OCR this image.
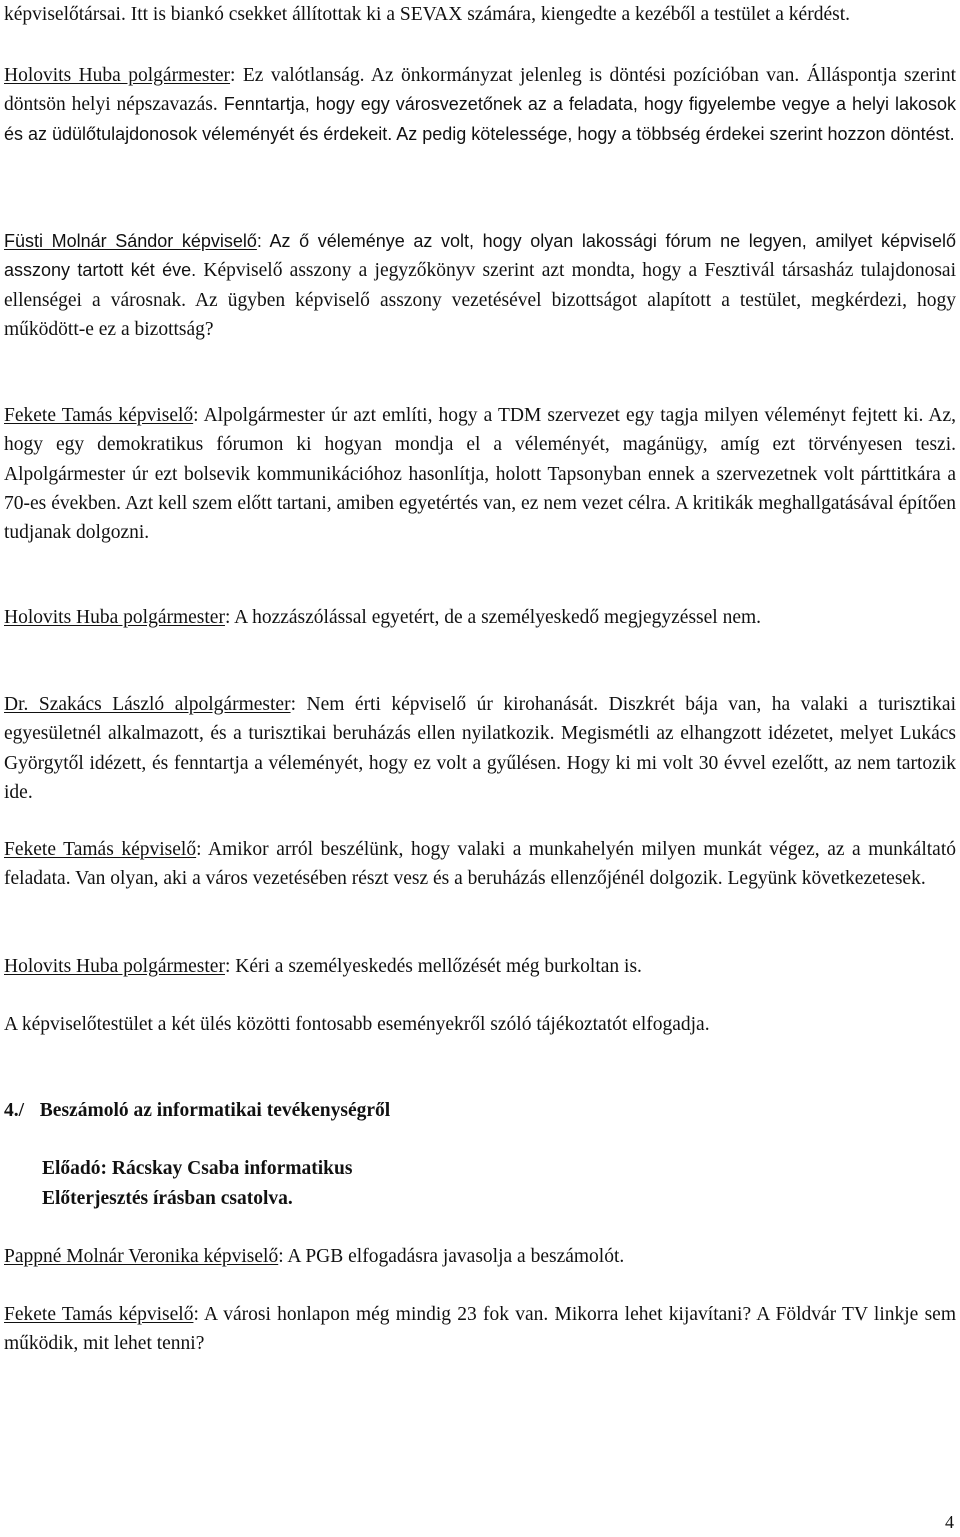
képviselőtársai. Itt is biankó csekket állítottak ki a SEVAX számára, kiengedte a kezéből a testület a kérdést.

Holovits Huba polgármester: Ez valótlanság. Az önkormányzat jelenleg is döntési pozícióban van. Álláspontja szerint döntsön helyi népszavazás. Fenntartja, hogy egy városvezetőnek az a feladata, hogy figyelembe vegye a helyi lakosok és az üdülőtulajdonosok véleményét és érdekeit. Az pedig kötelessége, hogy a többség érdekei szerint hozzon döntést.

Füsti Molnár Sándor képviselő: Az ő véleménye az volt, hogy olyan lakossági fórum ne legyen, amilyet képviselő asszony tartott két éve. Képviselő asszony a jegyzőkönyv szerint azt mondta, hogy a Fesztivál társasház tulajdonosai ellenségei a városnak. Az ügyben képviselő asszony vezetésével bizottságot alapított a testület, megkérdezi, hogy működött-e ez a bizottság?

Fekete Tamás képviselő: Alpolgármester úr azt említi, hogy a TDM szervezet egy tagja milyen véleményt fejtett ki. Az, hogy egy demokratikus fórumon ki hogyan mondja el a véleményét, magánügy, amíg ezt törvényesen teszi. Alpolgármester úr ezt bolsevik kommunikációhoz hasonlítja, holott Tapsonyban ennek a szervezetnek volt párttitkára a 70-es években. Azt kell szem előtt tartani, amiben egyetértés van, ez nem vezet célra. A kritikák meghallgatásával építően tudjanak dolgozni.

Holovits Huba polgármester: A hozzászólással egyetért, de a személyeskedő megjegyzéssel nem.

Dr. Szakács László alpolgármester: Nem érti képviselő úr kirohanását. Diszkrét bája van, ha valaki a turisztikai egyesületnél alkalmazott, és a turisztikai beruházás ellen nyilatkozik. Megismétli az elhangzott idézetet, melyet Lukács Györgytől idézett, és fenntartja a véleményét, hogy ez volt a gyűlésen. Hogy ki mi volt 30 évvel ezelőtt, az nem tartozik ide.

Fekete Tamás képviselő: Amikor arról beszélünk, hogy valaki a munkahelyén milyen munkát végez, az a munkáltató feladata. Van olyan, aki a város vezetésében részt vesz és a beruházás ellenzőjénél dolgozik. Legyünk következetesek.

Holovits Huba polgármester: Kéri a személyeskedés mellőzését még burkoltan is.

A képviselőtestület a két ülés közötti fontosabb eseményekről szóló tájékoztatót elfogadja.

4./ Beszámoló az informatikai tevékenységről
Előadó: Rácskay Csaba informatikus
Előterjesztés írásban csatolva.

Pappné Molnár Veronika képviselő: A PGB elfogadásra javasolja a beszámolót.

Fekete Tamás képviselő: A városi honlapon még mindig 23 fok van. Mikorra lehet kijavítani? A Földvár TV linkje sem működik, mit lehet tenni?

4
